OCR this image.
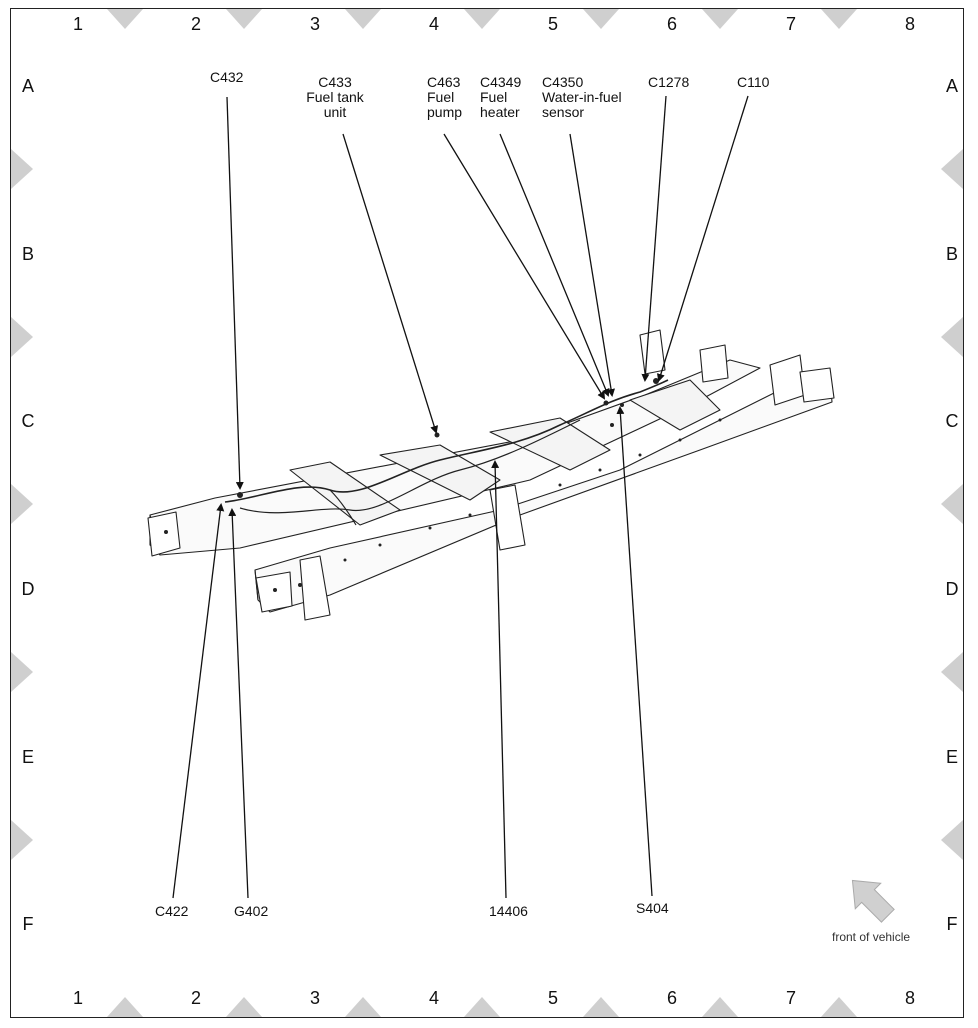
1	2	3	4	5	6	7	8
1	2	3	4	5	6	7	8
A
B
C
D
E
F
A
B
C
D
E
F
C432	C433
Fuel tank
unit
C463
Fuel
pump
C4349
Fuel
heater
C4350
Water-in-fuel
sensor
C1278	C110
C422	G402	14406	S404
front of vehicle
